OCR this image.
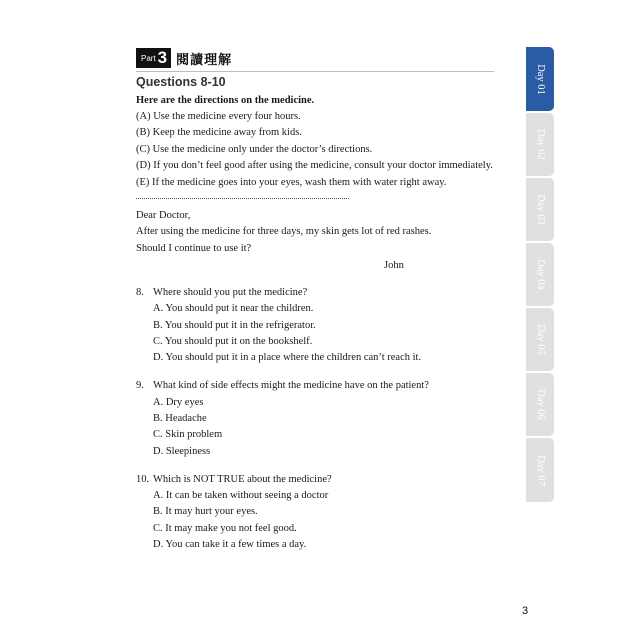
Part 3 閱讀理解
Questions 8-10
Here are the directions on the medicine.
(A) Use the medicine every four hours.
(B) Keep the medicine away from kids.
(C) Use the medicine only under the doctor’s directions.
(D) If you don’t feel good after using the medicine, consult your doctor immediately.
(E) If the medicine goes into your eyes, wash them with water right away.
Dear Doctor,
After using the medicine for three days, my skin gets lot of red rashes.
Should I continue to use it?
John
8. Where should you put the medicine?
A. You should put it near the children.
B. You should put it in the refrigerator.
C. You should put it on the bookshelf.
D. You should put it in a place where the children can’t reach it.
9. What kind of side effects might the medicine have on the patient?
A. Dry eyes
B. Headache
C. Skin problem
D. Sleepiness
10. Which is NOT TRUE about the medicine?
A. It can be taken without seeing a doctor
B. It may hurt your eyes.
C. It may make you not feel good.
D. You can take it a few times a day.
Day 01
Day 02
Day 03
Day 04
Day 05
Day 06
Day 07
3
